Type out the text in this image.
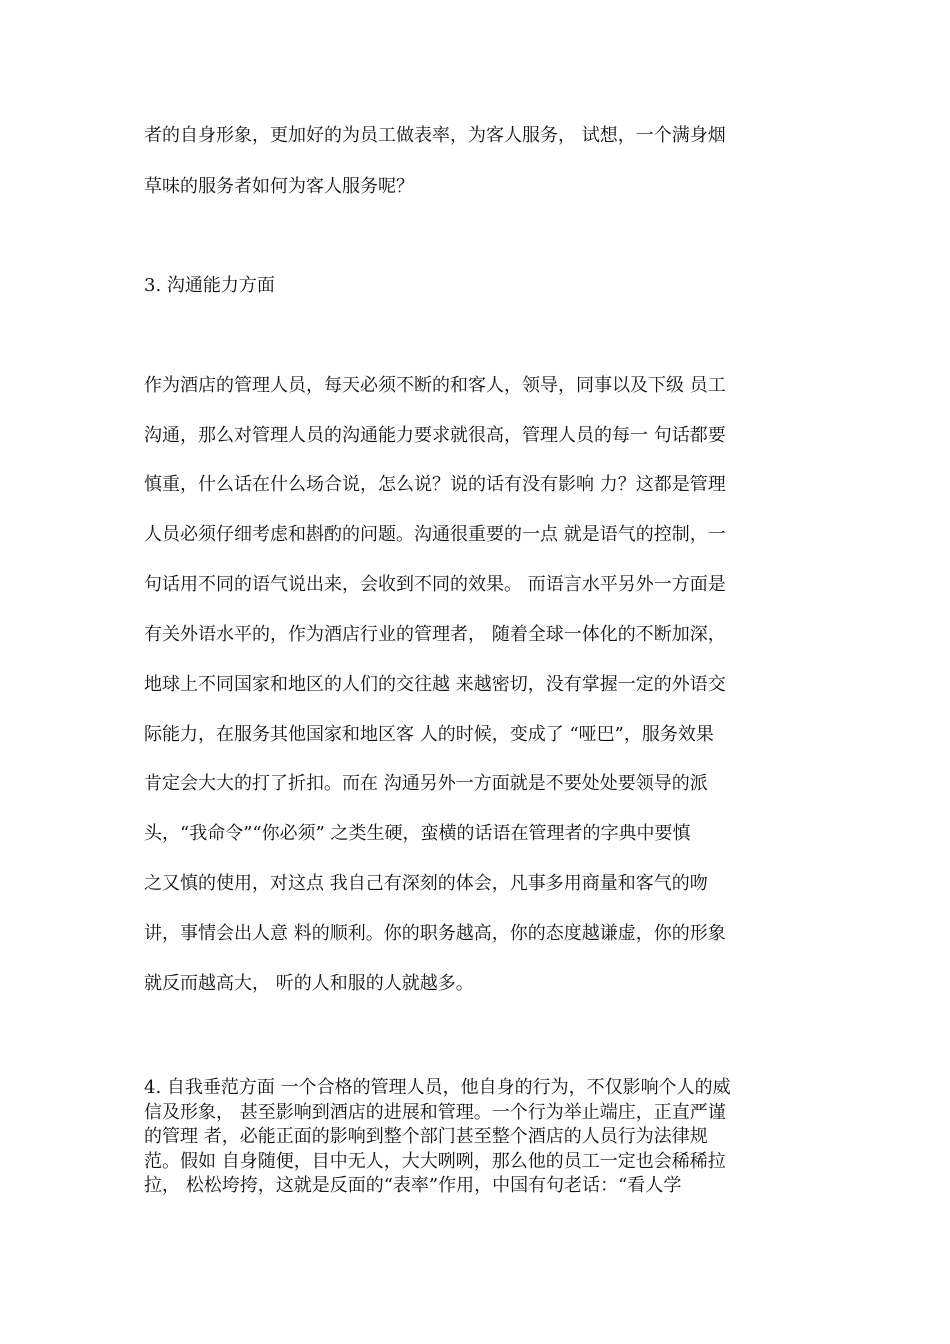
者的自身形象，更加好的为员工做表率，为客人服务， 试想，一个满身烟
草味的服务者如何为客人服务呢？
3. 沟通能力方面
作为酒店的管理人员，每天必须不断的和客人，领导，同事以及下级 员工
沟通，那么对管理人员的沟通能力要求就很高，管理人员的每一 句话都要
慎重，什么话在什么场合说，怎么说？说的话有没有影响 力？这都是管理
人员必须仔细考虑和斟酌的问题。沟通很重要的一点 就是语气的控制，一
句话用不同的语气说出来，会收到不同的效果。 而语言水平另外一方面是
有关外语水平的，作为酒店行业的管理者， 随着全球一体化的不断加深，
地球上不同国家和地区的人们的交往越 来越密切，没有掌握一定的外语交
际能力，在服务其他国家和地区客 人的时候，变成了 “哑巴”，服务效果
肯定会大大的打了折扣。而在 沟通另外一方面就是不要处处要领导的派
头，“我命令”“你必须” 之类生硬，蛮横的话语在管理者的字典中要慎
之又慎的使用，对这点 我自己有深刻的体会，凡事多用商量和客气的吻
讲，事情会出人意 料的顺利。你的职务越高，你的态度越谦虚，你的形象
就反而越高大， 听的人和服的人就越多。
4. 自我垂范方面 一个合格的管理人员，他自身的行为，不仅影响个人的威
信及形象， 甚至影响到酒店的进展和管理。一个行为举止端庄，正直严谨
的管理 者，必能正面的影响到整个部门甚至整个酒店的人员行为法律规
范。假如 自身随便，目中无人，大大咧咧，那么他的员工一定也会稀稀拉
拉， 松松垮挎，这就是反面的“表率”作用，中国有句老话：“看人学
